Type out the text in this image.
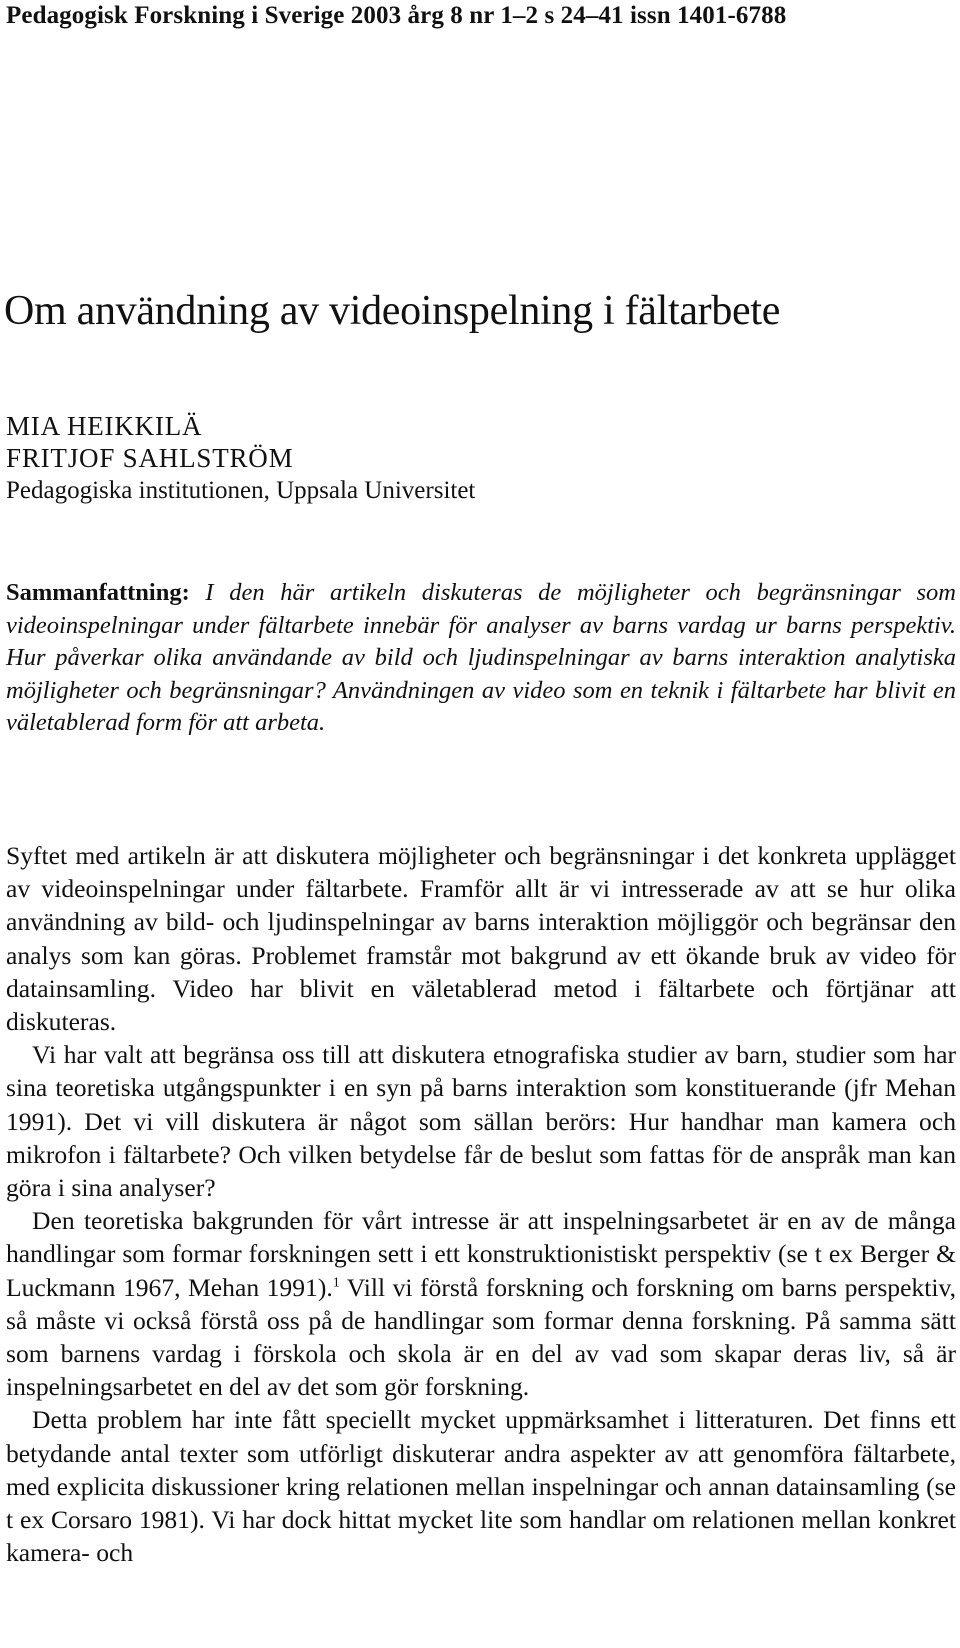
Pedagogisk Forskning i Sverige 2003 årg 8 nr 1–2 s 24–41 issn 1401-6788
Om användning av videoinspelning i fältarbete
MIA HEIKKILÄ
FRITJOF SAHLSTRÖM
Pedagogiska institutionen, Uppsala Universitet

Sammanfattning: I den här artikeln diskuteras de möjligheter och begränsningar som videoinspelningar under fältarbete innebär för analyser av barns vardag ur barns perspektiv. Hur påverkar olika användande av bild och ljudinspelningar av barns interaktion analytiska möjligheter och begränsningar? Användningen av video som en teknik i fältarbete har blivit en väletablerad form för att arbeta.

Syftet med artikeln är att diskutera möjligheter och begränsningar i det konkreta upplägget av videoinspelningar under fältarbete. Framför allt är vi intresserade av att se hur olika användning av bild- och ljudinspelningar av barns interaktion möjliggör och begränsar den analys som kan göras. Problemet framstår mot bakgrund av ett ökande bruk av video för datainsamling. Video har blivit en väletablerad metod i fältarbete och förtjänar att diskuteras.

Vi har valt att begränsa oss till att diskutera etnografiska studier av barn, studier som har sina teoretiska utgångspunkter i en syn på barns interaktion som konstituerande (jfr Mehan 1991). Det vi vill diskutera är något som sällan berörs: Hur handhar man kamera och mikrofon i fältarbete? Och vilken betydelse får de beslut som fattas för de anspråk man kan göra i sina analyser?

Den teoretiska bakgrunden för vårt intresse är att inspelningsarbetet är en av de många handlingar som formar forskningen sett i ett konstruktionistiskt perspektiv (se t ex Berger & Luckmann 1967, Mehan 1991).$^1$ Vill vi förstå forskning och forskning om barns perspektiv, så måste vi också förstå oss på de handlingar som formar denna forskning. På samma sätt som barnens vardag i förskola och skola är en del av vad som skapar deras liv, så är inspelningsarbetet en del av det som gör forskning.

Detta problem har inte fått speciellt mycket uppmärksamhet i litteraturen. Det finns ett betydande antal texter som utförligt diskuterar andra aspekter av att genomföra fältarbete, med explicita diskussioner kring relationen mellan inspelningar och annan datainsamling (se t ex Corsaro 1981). Vi har dock hittat mycket lite som handlar om relationen mellan konkret kamera- och
